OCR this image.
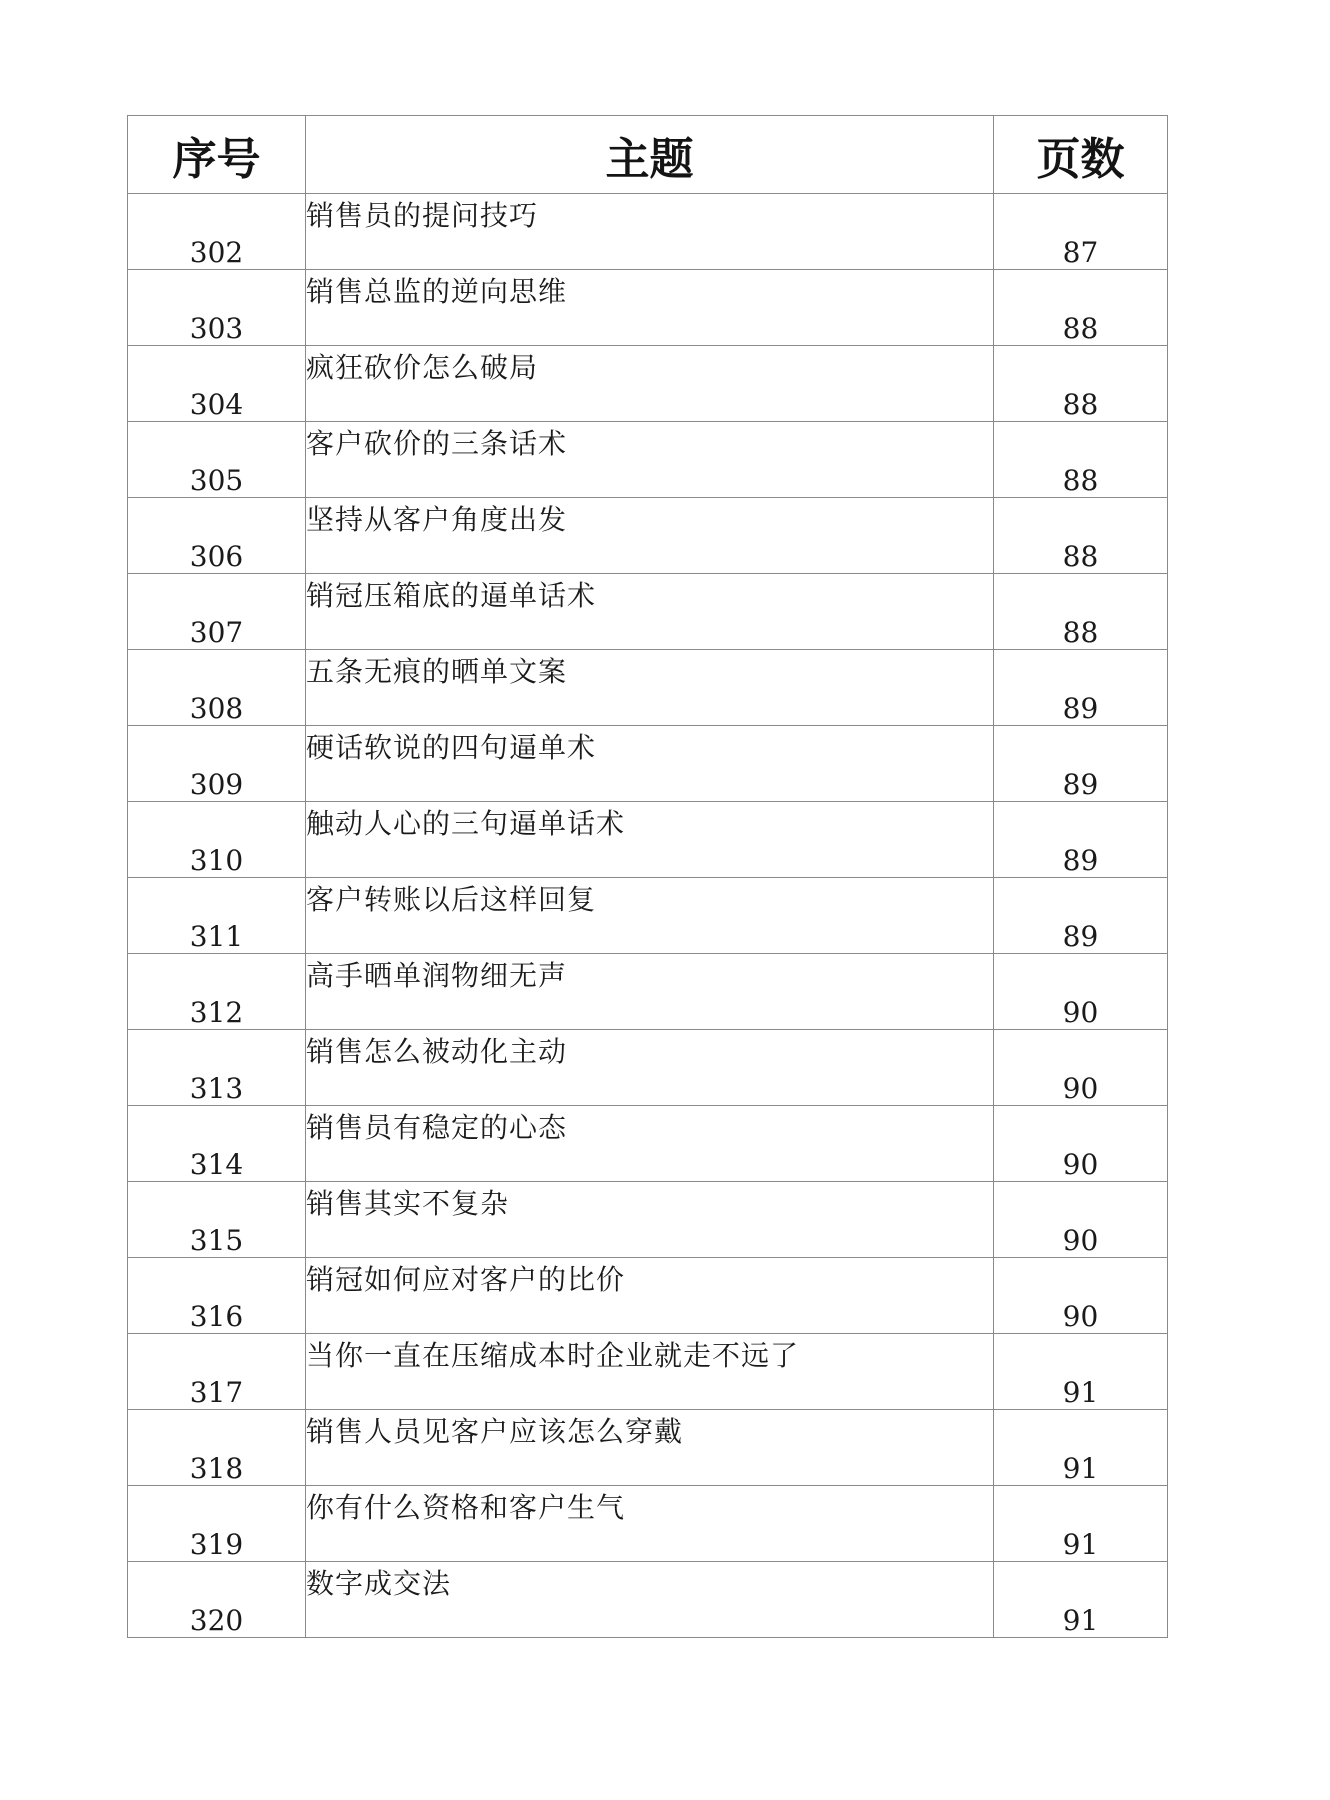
序号	主题	页数
302	销售员的提问技巧	87
303	销售总监的逆向思维	88
304	疯狂砍价怎么破局	88
305	客户砍价的三条话术	88
306	坚持从客户角度出发	88
307	销冠压箱底的逼单话术	88
308	五条无痕的晒单文案	89
309	硬话软说的四句逼单术	89
310	触动人心的三句逼单话术	89
311	客户转账以后这样回复	89
312	高手晒单润物细无声	90
313	销售怎么被动化主动	90
314	销售员有稳定的心态	90
315	销售其实不复杂	90
316	销冠如何应对客户的比价	90
317	当你一直在压缩成本时企业就走不远了	91
318	销售人员见客户应该怎么穿戴	91
319	你有什么资格和客户生气	91
320	数字成交法	91
